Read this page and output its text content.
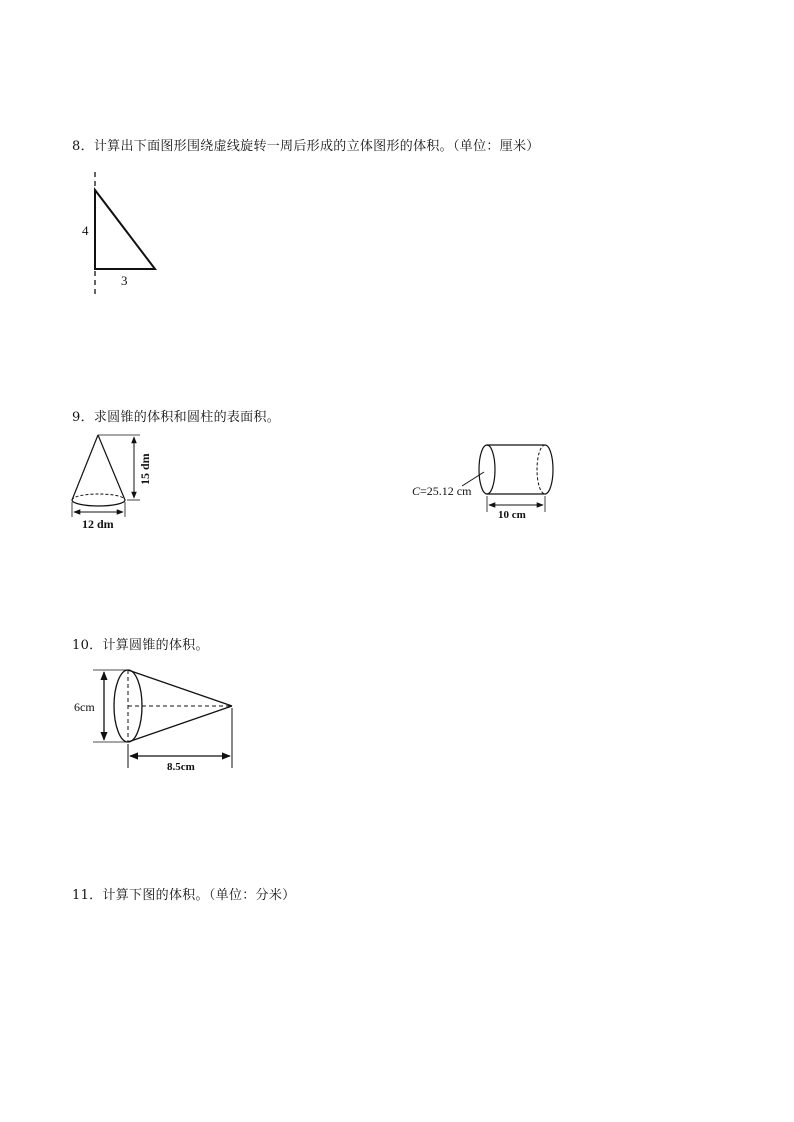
8．计算出下面图形围绕虚线旋转一周后形成的立体图形的体积。（单位：厘米）
9．求圆锥的体积和圆柱的表面积。
10．计算圆锥的体积。
11．计算下图的体积。（单位：分米）
4
3
15 dm
12 dm
C=25.12 cm
10 cm
6cm
8.5cm
